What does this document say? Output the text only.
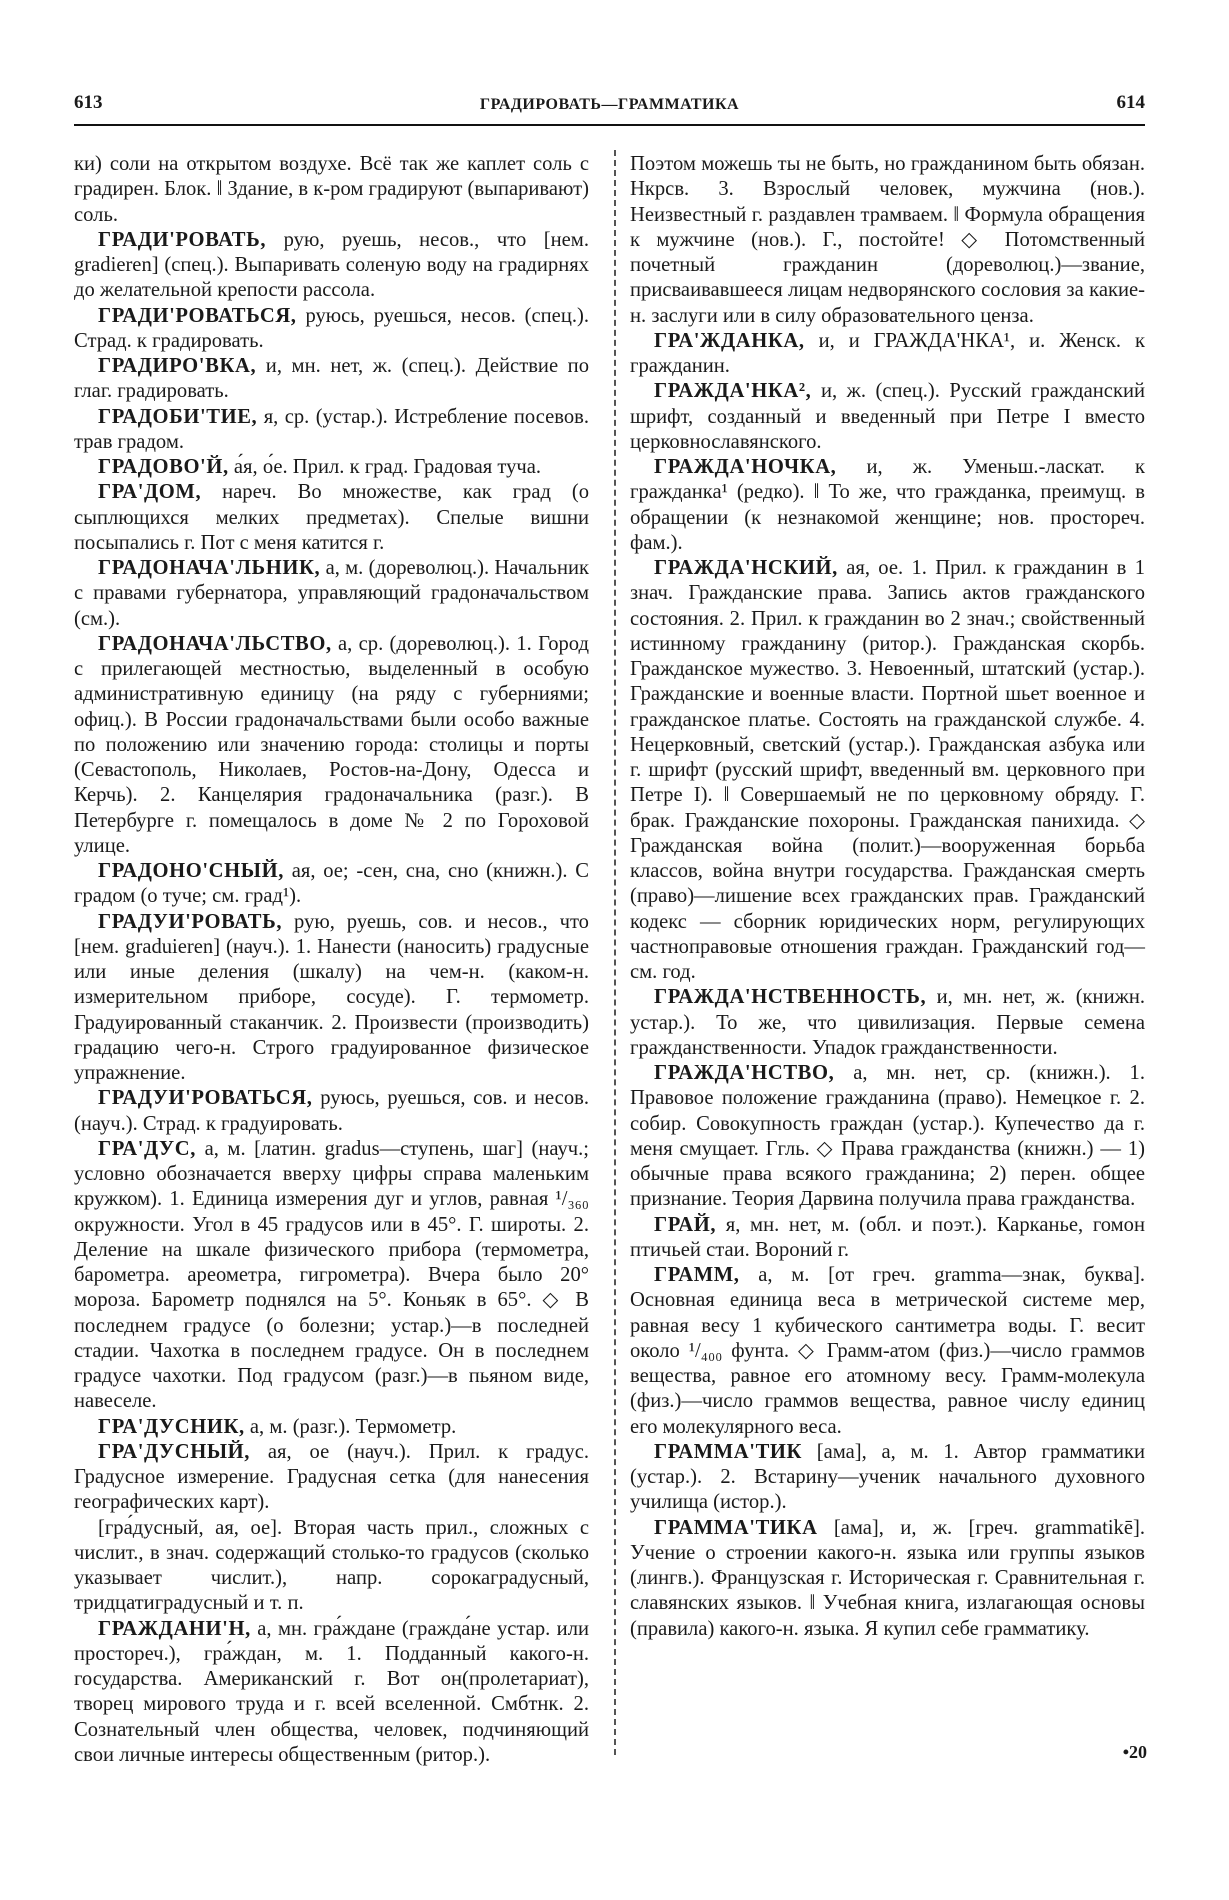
613	ГРАДИРОВАТЬ—ГРАММАТИКА	614

ки) соли на открытом воздухе. Всё так же каплет соль с градирен. Блок. ‖ Здание, в к-ром градируют (выпаривают) соль.

ГРАДИ'РОВАТЬ, рую, руешь, несов., что [нем. gradieren] (спец.). Выпаривать соленую воду на градирнях до желательной крепости рассола.

ГРАДИ'РОВАТЬСЯ, руюсь, руешься, несов. (спец.). Страд. к градировать.

ГРАДИРО'ВКА, и, мн. нет, ж. (спец.). Действие по глаг. градировать.

ГРАДОБИ'ТИЕ, я, ср. (устар.). Истребление посевов. трав градом.

ГРАДОВО'Й, а́я, о́е. Прил. к град. Градовая туча.

ГРА'ДОМ, нареч. Во множестве, как град (о сыплющихся мелких предметах). Спелые вишни посыпались г. Пот с меня катится г.

ГРАДОНАЧА'ЛЬНИК, а, м. (дореволюц.). Начальник с правами губернатора, управляющий градоначальством (см.).

ГРАДОНАЧА'ЛЬСТВО, а, ср. (дореволюц.). 1. Город с прилегающей местностью, выделенный в особую административную единицу (на ряду с губерниями; офиц.). В России градоначальствами были особо важные по положению или значению города: столицы и порты (Севастополь, Николаев, Ростов-на-Дону, Одесса и Керчь). 2. Канцелярия градоначальника (разг.). В Петербурге г. помещалось в доме № 2 по Гороховой улице.

ГРАДОНО'СНЫЙ, ая, ое; -сен, сна, сно (книжн.). С градом (о туче; см. град¹).

ГРАДУИ'РОВАТЬ, рую, руешь, сов. и несов., что [нем. graduieren] (науч.). 1. Нанести (наносить) градусные или иные деления (шкалу) на чем-н. (каком-н. измерительном приборе, сосуде). Г. термометр. Градуированный стаканчик. 2. Произвести (производить) градацию чего-н. Строго градуированное физическое упражнение.

ГРАДУИ'РОВАТЬСЯ, руюсь, руешься, сов. и несов. (науч.). Страд. к градуировать.

ГРА'ДУС, а, м. [латин. gradus—ступень, шаг] (науч.; условно обозначается вверху цифры справа маленьким кружком). 1. Единица измерения дуг и углов, равная ¹/₃₆₀ окружности. Угол в 45 градусов или в 45°. Г. широты. 2. Деление на шкале физического прибора (термометра, барометра. ареометра, гигрометра). Вчера было 20° мороза. Барометр поднялся на 5°. Коньяк в 65°. ◇ В последнем градусе (о болезни; устар.)—в последней стадии. Чахотка в последнем градусе. Он в последнем градусе чахотки. Под градусом (разг.)—в пьяном виде, навеселе.

ГРА'ДУСНИК, а, м. (разг.). Термометр.

ГРА'ДУСНЫЙ, ая, ое (науч.). Прил. к градус. Градусное измерение. Градусная сетка (для нанесения географических карт).

[гра́дусный, ая, ое]. Вторая часть прил., сложных с числит., в знач. содержащий столько-то градусов (сколько указывает числит.), напр. сорокаградусный, тридцатиградусный и т. п.

ГРАЖДАНИ'Н, а, мн. гра́ждане (гражда́не устар. или простореч.), гра́ждан, м. 1. Подданный какого-н. государства. Американский г. Вот он(пролетариат), творец мирового труда и г. всей вселенной. Смбтнк. 2. Сознательный член общества, человек, подчиняющий свои личные интересы общественным (ритор.).

Поэтом можешь ты не быть, но гражданином быть обязан. Нкрсв. 3. Взрослый человек, мужчина (нов.). Неизвестный г. раздавлен трамваем. ‖ Формула обращения к мужчине (нов.). Г., постойте! ◇ Потомственный почетный гражданин (дореволюц.)—звание, присваивавшееся лицам недворянского сословия за какие-н. заслуги или в силу образовательного ценза.

ГРА'ЖДАНКА, и, и ГРАЖДА'НКА¹, и. Женск. к гражданин.

ГРАЖДА'НКА², и, ж. (спец.). Русский гражданский шрифт, созданный и введенный при Петре I вместо церковнославянского.

ГРАЖДА'НОЧКА, и, ж. Уменьш.-ласкат. к гражданка¹ (редко). ‖ То же, что гражданка, преимущ. в обращении (к незнакомой женщине; нов. простореч. фам.).

ГРАЖДА'НСКИЙ, ая, ое. 1. Прил. к гражданин в 1 знач. Гражданские права. Запись актов гражданского состояния. 2. Прил. к гражданин во 2 знач.; свойственный истинному гражданину (ритор.). Гражданская скорбь. Гражданское мужество. 3. Невоенный, штатский (устар.). Гражданские и военные власти. Портной шьет военное и гражданское платье. Состоять на гражданской службе. 4. Нецерковный, светский (устар.). Гражданская азбука или г. шрифт (русский шрифт, введенный вм. церковного при Петре I). ‖ Совершаемый не по церковному обряду. Г. брак. Гражданские похороны. Гражданская панихида. ◇ Гражданская война (полит.)—вооруженная борьба классов, война внутри государства. Гражданская смерть (право)—лишение всех гражданских прав. Гражданский кодекс — сборник юридических норм, регулирующих частноправовые отношения граждан. Гражданский год—см. год.

ГРАЖДА'НСТВЕННОСТЬ, и, мн. нет, ж. (книжн. устар.). То же, что цивилизация. Первые семена гражданственности. Упадок гражданственности.

ГРАЖДА'НСТВО, а, мн. нет, ср. (книжн.). 1. Правовое положение гражданина (право). Немецкое г. 2. собир. Совокупность граждан (устар.). Купечество да г. меня смущает. Ггль. ◇ Права гражданства (книжн.) — 1) обычные права всякого гражданина; 2) перен. общее признание. Теория Дарвина получила права гражданства.

ГРАЙ, я, мн. нет, м. (обл. и поэт.). Карканье, гомон птичьей стаи. Вороний г.

ГРАММ, а, м. [от греч. gramma—знак, буква]. Основная единица веса в метрической системе мер, равная весу 1 кубического сантиметра воды. Г. весит около ¹/₄₀₀ фунта. ◇ Грамм-атом (физ.)—число граммов вещества, равное его атомному весу. Грамм-молекула (физ.)—число граммов вещества, равное числу единиц его молекулярного веса.

ГРАММА'ТИК [ама], а, м. 1. Автор грамматики (устар.). 2. Встарину—ученик начального духовного училища (истор.).

ГРАММА'ТИКА [ама], и, ж. [греч. grammatikē]. Учение о строении какого-н. языка или группы языков (лингв.). Французская г. Историческая г. Сравнительная г. славянских языков. ‖ Учебная книга, излагающая основы (правила) какого-н. языка. Я купил себе грамматику.

•20
